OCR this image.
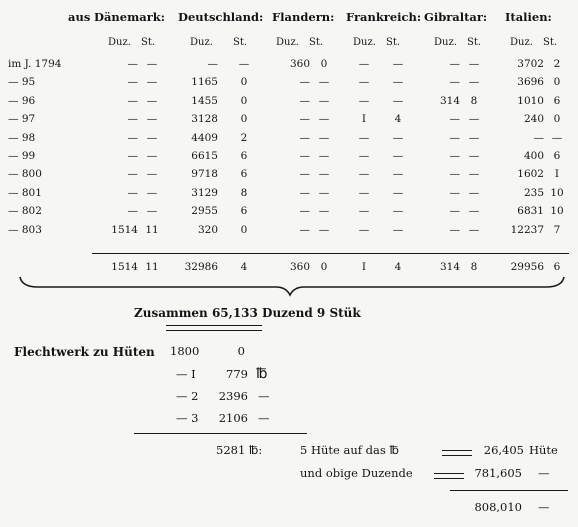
aus Dänemark: Deutschland: Flandern: Frankreich: Gibraltar: Italien:
Duz. St.	Duz. St.	Duz. St.	Duz. St.	Duz. St.	Duz. St.
im J. 1794	— —	—	—	360	0	—	—	— —	3702 2
— 95	— —	1165	0	— —	—	—	— —	3696 0
— 96	— —	1455	0	— —	—	—	314	8	1010 6
— 97	— —	3128	0	— —	I	4	— —	240 0
— 98	— —	4409	2	— —	—	—	— —	— —
— 99	— —	6615	6	— —	—	—	— —	400 6
— 800	— —	9718	6	— —	—	—	— —	1602	I
— 801	— —	3129	8	— —	—	—	— —	235 10
— 802	— —	2955	6	— —	—	—	— —	6831 10
— 803	1514 11	320	0	— —	—	—	— —	12237 7
1514 11	32986	4	360	0	I	4	314	8	29956 6
Zusammen 65,133 Duzend 9 Stük
Flechtwerk zu Hüten 1800	0
— I	779 ℔
— 2	2396 —
— 3	2106 —
5281 ℔:	5 Hüte auf das ℔	26,405 Hüte
und obige Duzende	781,605 —
808,010 —
